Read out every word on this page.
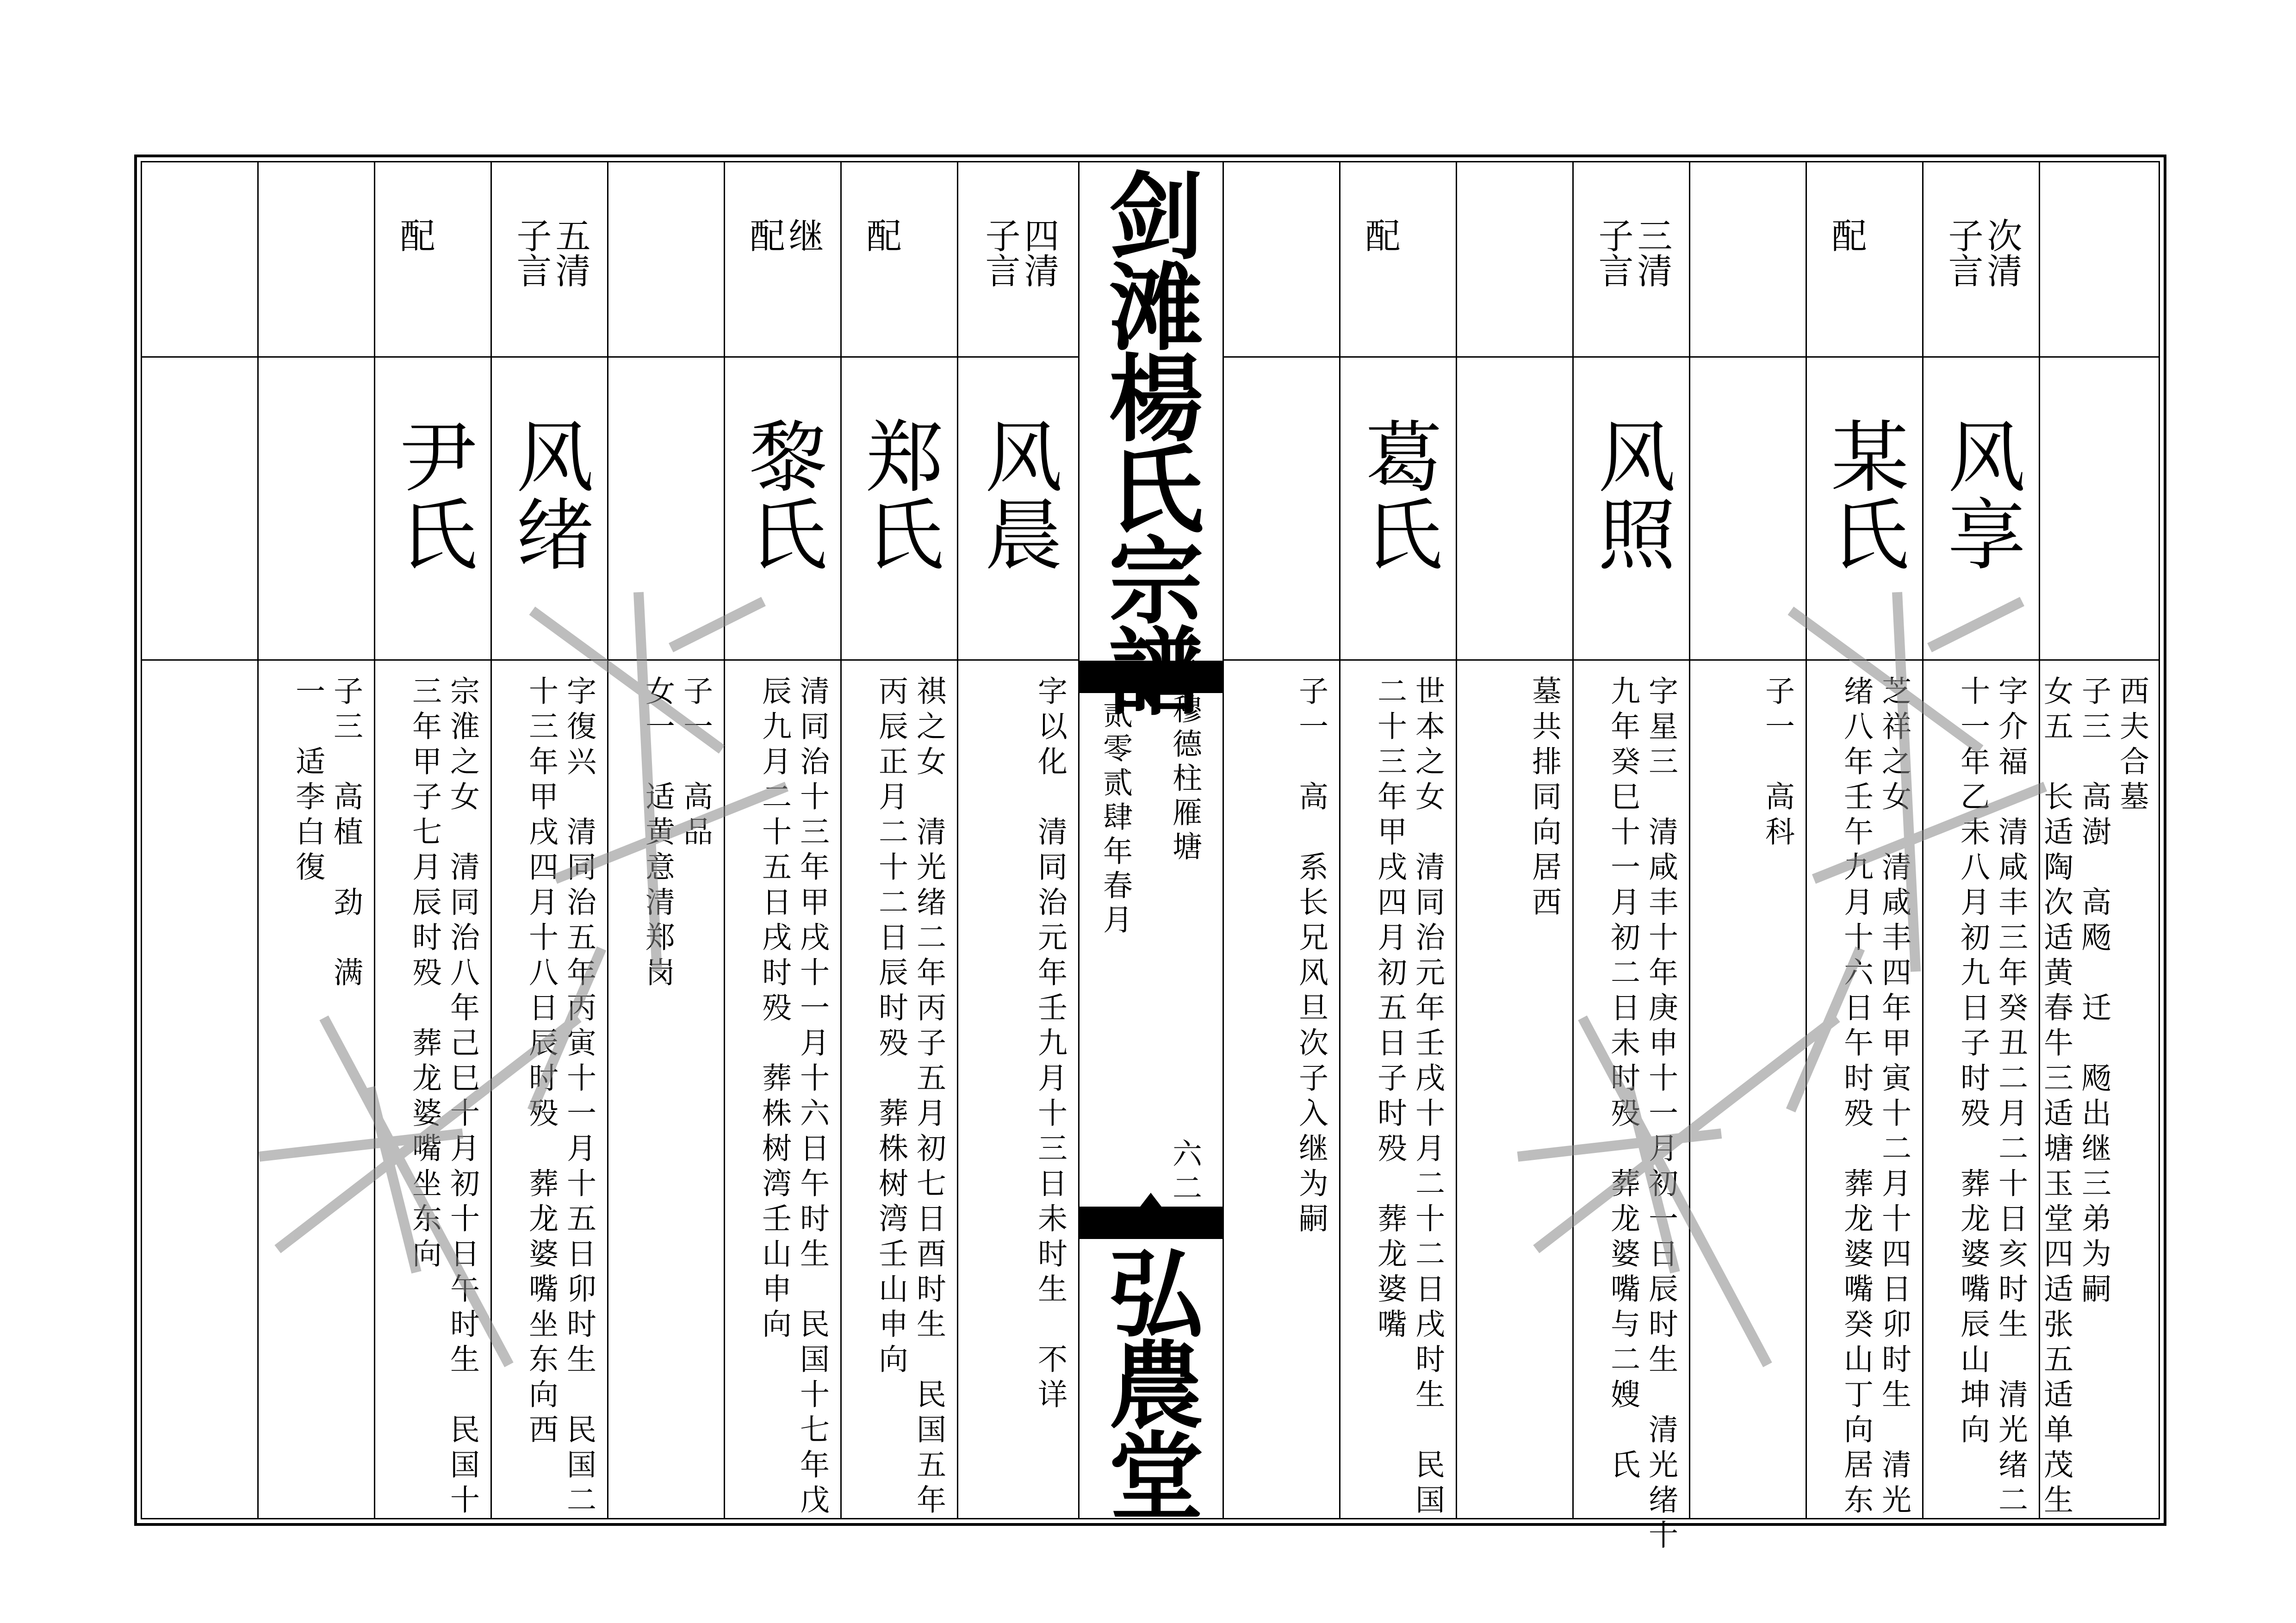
剑滩楊氏宗譜
弘農堂
穆德柱雁塘
贰零贰肆年春月
六二
西夫合墓
子三　高澍　高飏　迁　飏出继三弟为嗣
女五　长适陶次适黄春牛三适塘玉堂四适张五适单茂生
次清
子言
风享
字介福　清咸丰三年癸丑二月二十日亥时生　清光绪二
十一年乙未八月初九日子时殁　葬龙婆嘴辰山坤向
配
某氏
芝祥之女　清咸丰四年甲寅十二月十四日卯时生　清光
绪八年壬午九月十六日午时殁　葬龙婆嘴癸山丁向居东
子一　高科
三清
子言
风照
字星三　清咸丰十年庚申十一月初一日辰时生　清光绪十
九年癸巳十一月初二日未时殁　葬龙婆嘴与二嫂　氏
墓共排同向居西
配
葛氏
世本之女　清同治元年壬戌十月二十二日戌时生　民国
二十三年甲戌四月初五日子时殁　葬龙婆嘴
子一　高　系长兄风旦次子入继为嗣
四清
子言
风晨
字以化　清同治元年壬九月十三日未时生　不详
配
郑氏
祺之女　清光绪二年丙子五月初七日酉时生　民国五年
丙辰正月二十二日辰时殁　葬株树湾壬山申向
继
配
黎氏
清同治十三年甲戌十一月十六日午时生　民国十七年戊
辰九月二十五日戌时殁　葬株树湾壬山申向
子一　高品
女一　适黄意清郑岗
五清
子言
风绪
字復兴　清同治五年丙寅十一月十五日卯时生　民国二
十三年甲戌四月十八日辰时殁　葬龙婆嘴坐东向西
配
尹氏
宗淮之女　清同治八年己巳十月初十日午时生　民国十
三年甲子七月辰时殁　葬龙婆嘴坐东向
子三　高植　劲　满
一　适李白復
